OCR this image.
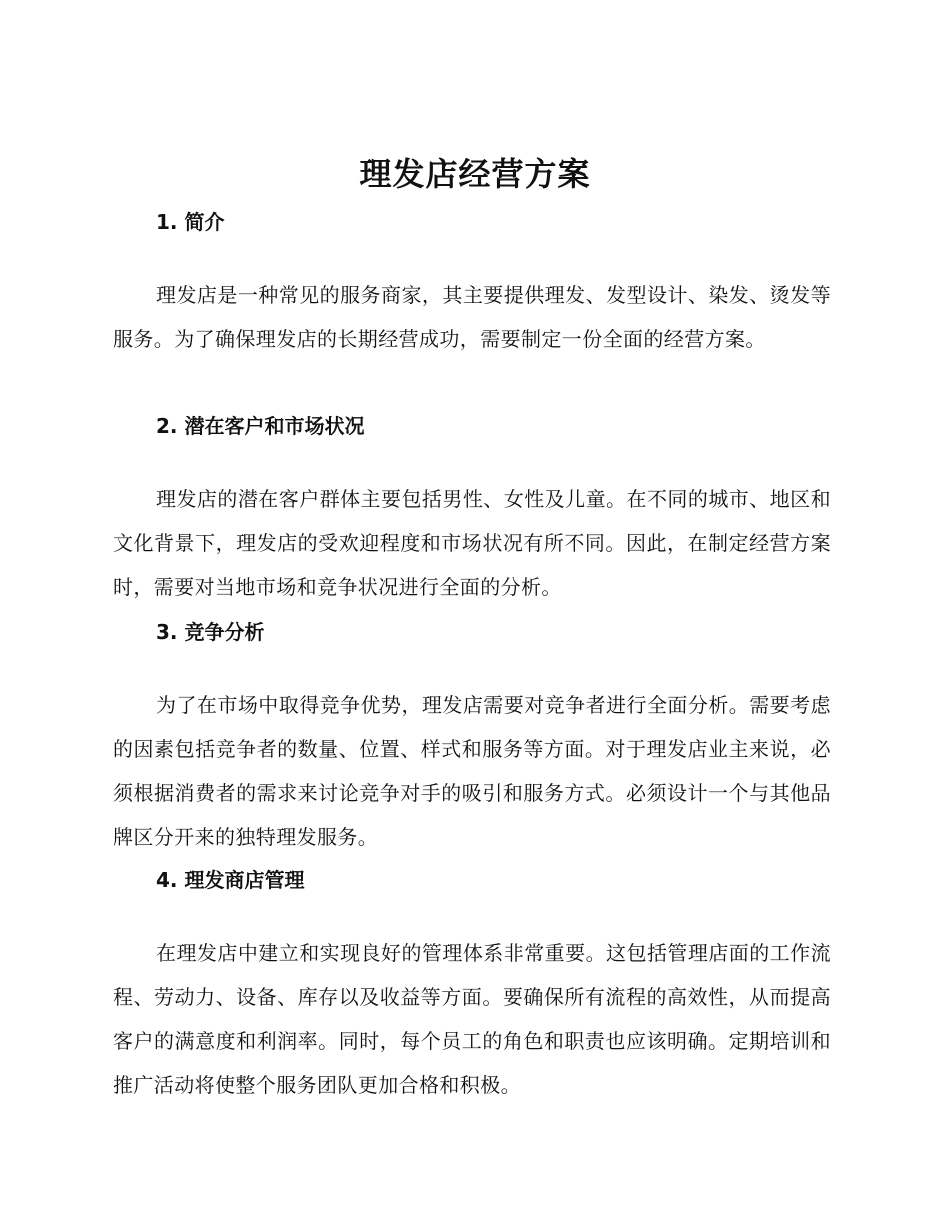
理发店经营方案
1. 简介

理发店是一种常见的服务商家，其主要提供理发、发型设计、染发、烫发等服务。为了确保理发店的长期经营成功，需要制定一份全面的经营方案。

2. 潜在客户和市场状况

理发店的潜在客户群体主要包括男性、女性及儿童。在不同的城市、地区和文化背景下，理发店的受欢迎程度和市场状况有所不同。因此，在制定经营方案时，需要对当地市场和竞争状况进行全面的分析。

3. 竞争分析

为了在市场中取得竞争优势，理发店需要对竞争者进行全面分析。需要考虑的因素包括竞争者的数量、位置、样式和服务等方面。对于理发店业主来说，必须根据消费者的需求来讨论竞争对手的吸引和服务方式。必须设计一个与其他品牌区分开来的独特理发服务。

4. 理发商店管理

在理发店中建立和实现良好的管理体系非常重要。这包括管理店面的工作流程、劳动力、设备、库存以及收益等方面。要确保所有流程的高效性，从而提高客户的满意度和利润率。同时，每个员工的角色和职责也应该明确。定期培训和推广活动将使整个服务团队更加合格和积极。
